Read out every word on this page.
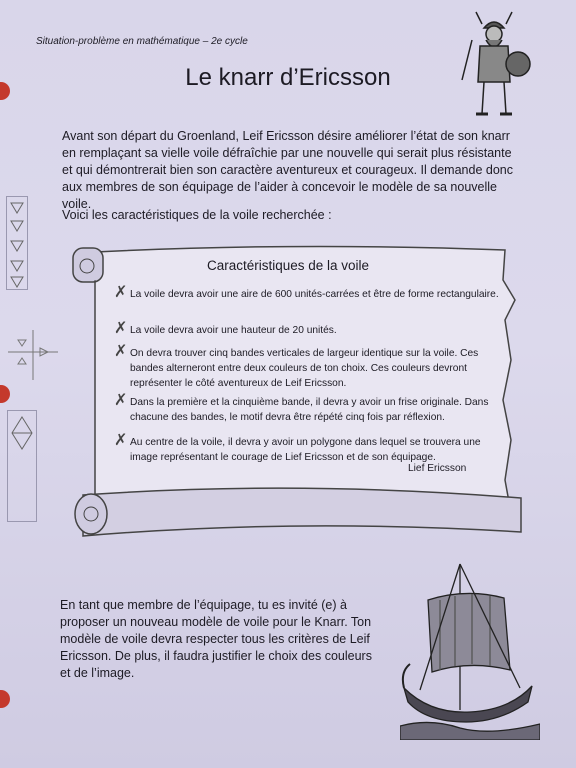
Situation-problème en mathématique – 2e cycle
Le knarr d’Ericsson

Avant son départ du Groenland, Leif Ericsson désire améliorer l’état de son knarr en remplaçant sa vielle voile défraîchie par une nouvelle qui serait plus résistante et qui démontrerait bien son caractère aventureux et courageux. Il demande donc aux membres de son équipage de l’aider à concevoir le modèle de sa nouvelle voile.

Voici les caractéristiques de la voile recherchée :
Caractéristiques de la voile
✗ La voile devra avoir une aire de 600 unités-carrées et être de forme rectangulaire.
✗ La voile devra avoir une hauteur de 20 unités.
✗ On devra trouver cinq bandes verticales de largeur identique sur la voile. Ces bandes alterneront entre deux couleurs de ton choix. Ces couleurs devront représenter le côté aventureux de Leif Ericsson.
✗ Dans la première et la cinquième bande, il devra y avoir un frise originale. Dans chacune des bandes, le motif devra être répété cinq fois par réflexion.
✗ Au centre de la voile, il devra y avoir un polygone dans lequel se trouvera une image représentant le courage de Lief Ericsson et de son équipage.
Lief Ericsson

En tant que membre de l’équipage, tu es invité (e) à proposer un nouveau modèle de voile pour le Knarr. Ton modèle de voile devra respecter tous les critères de Leif Ericsson. De plus, il faudra justifier le choix des couleurs et de l’image.
